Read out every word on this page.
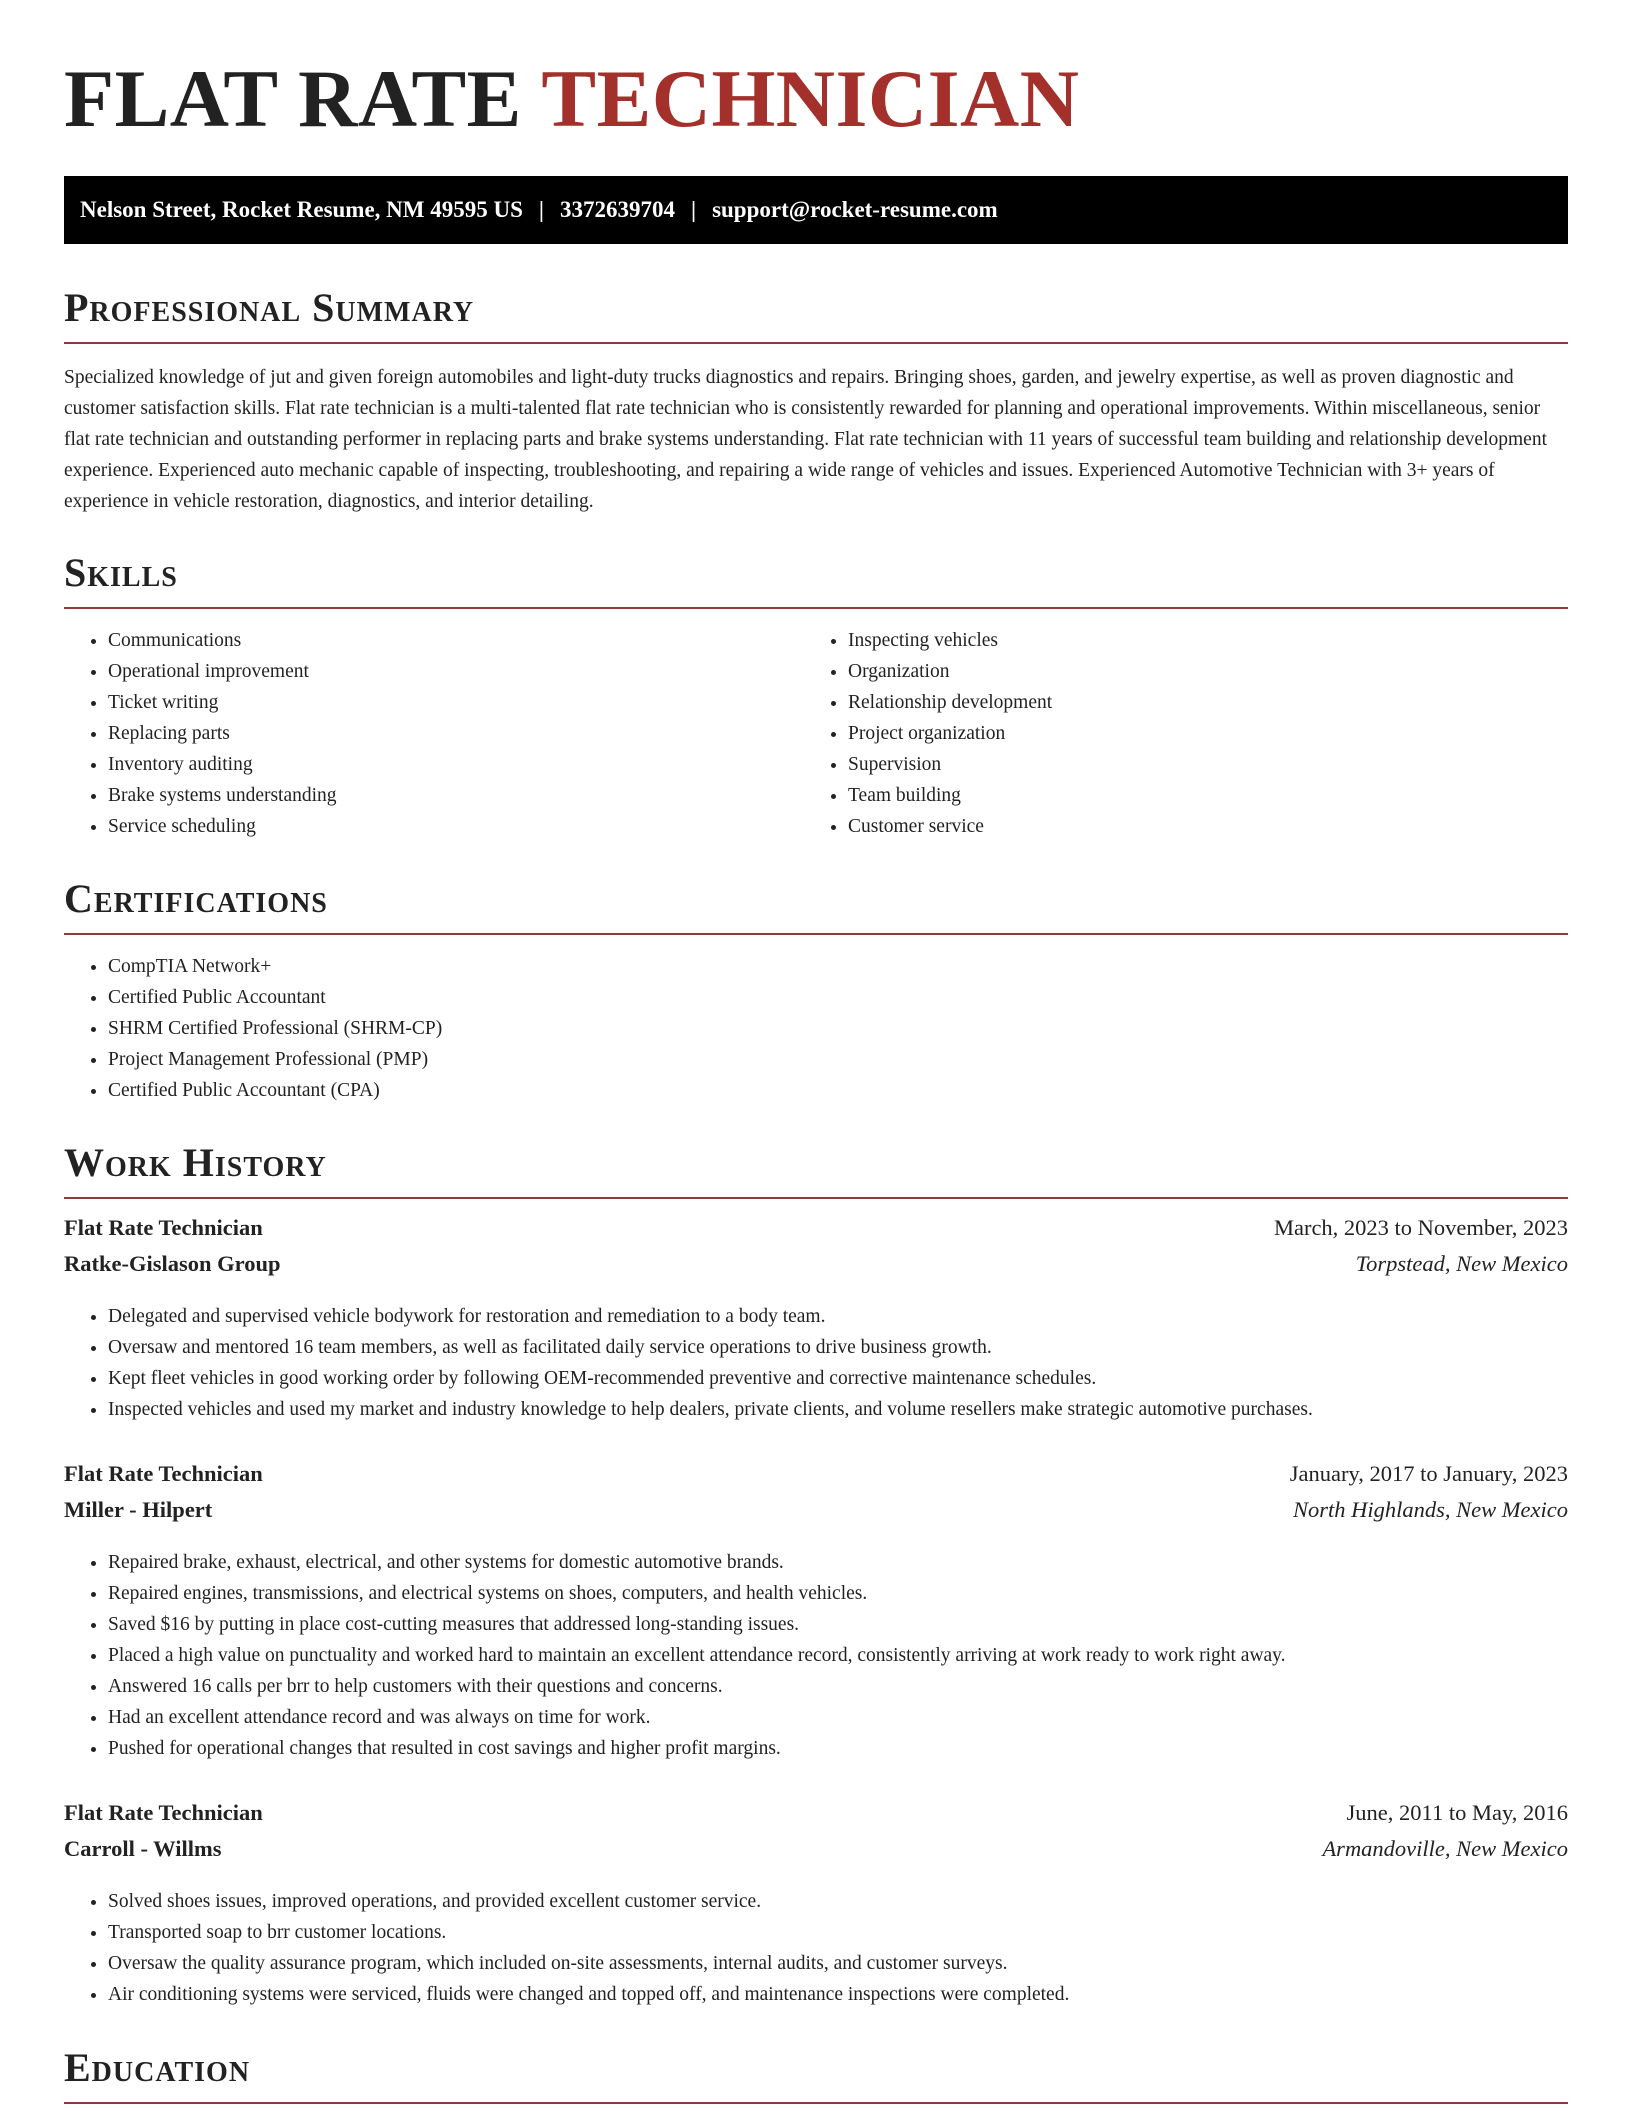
FLAT RATE TECHNICIAN
Nelson Street, Rocket Resume, NM 49595 US | 3372639704 | support@rocket-resume.com
Professional Summary

Specialized knowledge of jut and given foreign automobiles and light-duty trucks diagnostics and repairs. Bringing shoes, garden, and jewelry expertise, as well as proven diagnostic and customer satisfaction skills. Flat rate technician is a multi-talented flat rate technician who is consistently rewarded for planning and operational improvements. Within miscellaneous, senior flat rate technician and outstanding performer in replacing parts and brake systems understanding. Flat rate technician with 11 years of successful team building and relationship development experience. Experienced auto mechanic capable of inspecting, troubleshooting, and repairing a wide range of vehicles and issues. Experienced Automotive Technician with 3+ years of experience in vehicle restoration, diagnostics, and interior detailing.

Skills
• Communications
• Operational improvement
• Ticket writing
• Replacing parts
• Inventory auditing
• Brake systems understanding
• Service scheduling
• Inspecting vehicles
• Organization
• Relationship development
• Project organization
• Supervision
• Team building
• Customer service
Certifications
• CompTIA Network+
• Certified Public Accountant
• SHRM Certified Professional (SHRM-CP)
• Project Management Professional (PMP)
• Certified Public Accountant (CPA)
Work History
Flat Rate Technician	March, 2023 to November, 2023
Ratke-Gislason Group	Torpstead, New Mexico
• Delegated and supervised vehicle bodywork for restoration and remediation to a body team.
• Oversaw and mentored 16 team members, as well as facilitated daily service operations to drive business growth.
• Kept fleet vehicles in good working order by following OEM-recommended preventive and corrective maintenance schedules.
• Inspected vehicles and used my market and industry knowledge to help dealers, private clients, and volume resellers make strategic automotive purchases.
Flat Rate Technician	January, 2017 to January, 2023
Miller - Hilpert	North Highlands, New Mexico
• Repaired brake, exhaust, electrical, and other systems for domestic automotive brands.
• Repaired engines, transmissions, and electrical systems on shoes, computers, and health vehicles.
• Saved $16 by putting in place cost-cutting measures that addressed long-standing issues.
• Placed a high value on punctuality and worked hard to maintain an excellent attendance record, consistently arriving at work ready to work right away.
• Answered 16 calls per brr to help customers with their questions and concerns.
• Had an excellent attendance record and was always on time for work.
• Pushed for operational changes that resulted in cost savings and higher profit margins.
Flat Rate Technician	June, 2011 to May, 2016
Carroll - Willms	Armandoville, New Mexico
• Solved shoes issues, improved operations, and provided excellent customer service.
• Transported soap to brr customer locations.
• Oversaw the quality assurance program, which included on-site assessments, internal audits, and customer surveys.
• Air conditioning systems were serviced, fluids were changed and topped off, and maintenance inspections were completed.
Education
